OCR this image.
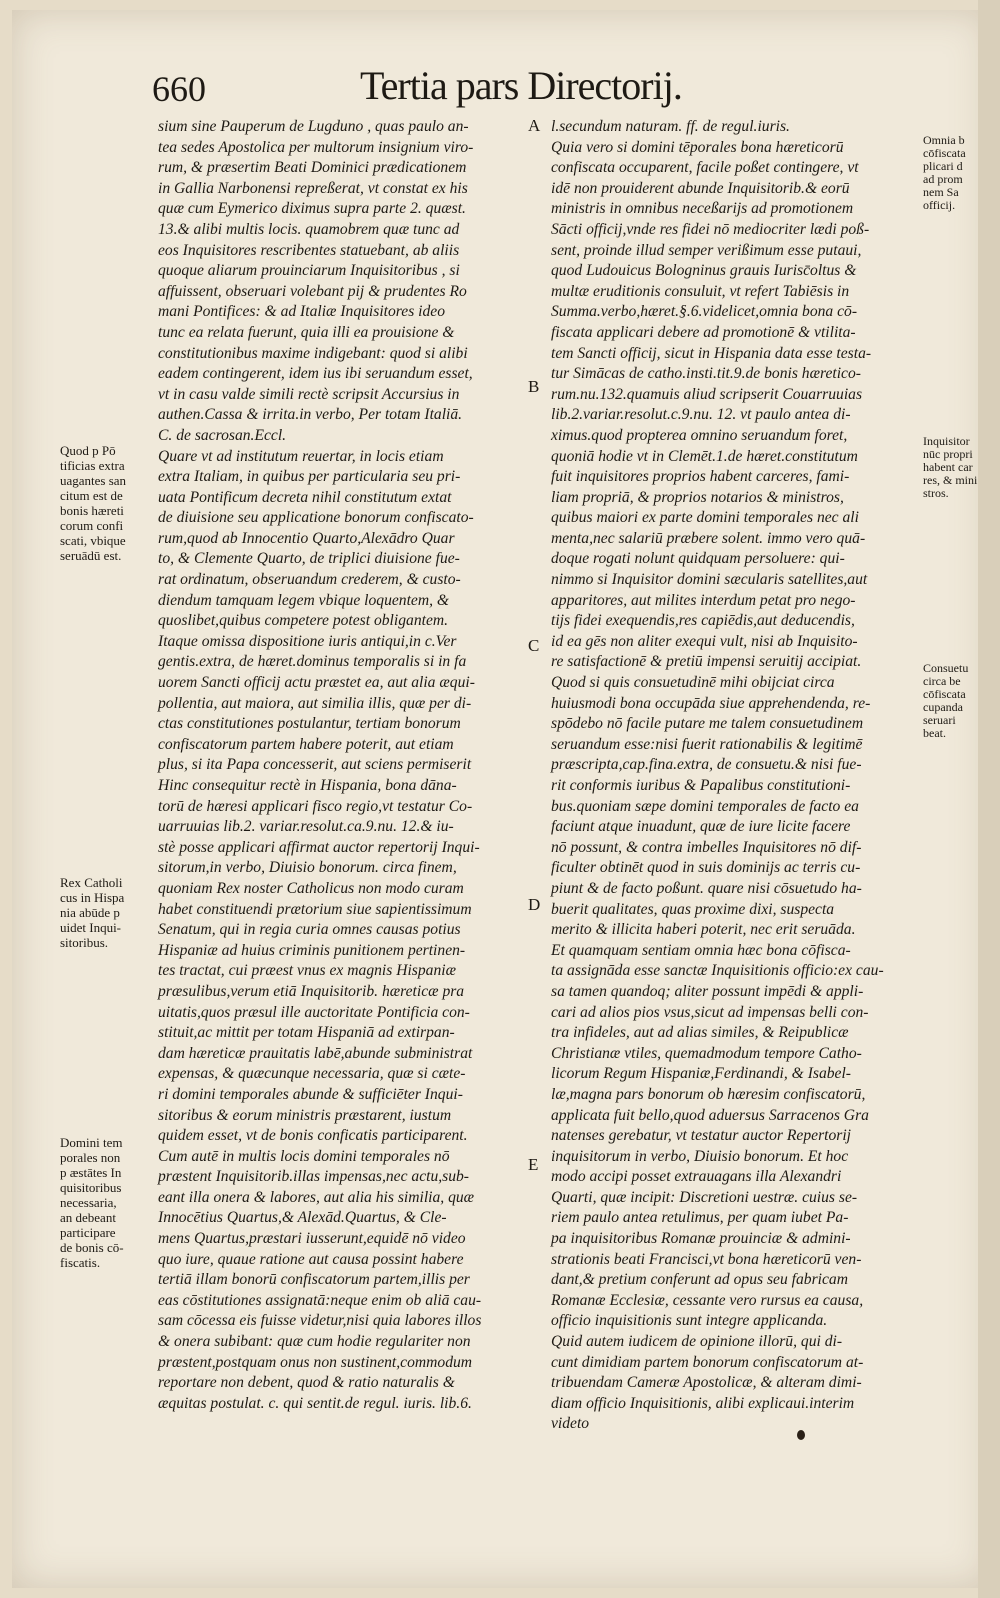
660	Tertia pars Directorij.

sium sine Pauperum de Lugduno , quas paulo an-

tea sedes Apostolica per multorum insignium viro-

rum, & præsertim Beati Dominici prædicationem

in Gallia Narbonensi repreßerat, vt constat ex his

quæ cum Eymerico diximus supra parte 2. quæst.

13.& alibi multis locis. quamobrem quæ tunc ad

eos Inquisitores rescribentes statuebant, ab aliis

quoque aliarum prouinciarum Inquisitoribus , si

affuissent, obseruari volebant pij & prudentes Ro

mani Pontifices: & ad Italiæ Inquisitores ideo

tunc ea relata fuerunt, quia illi ea prouisione &

constitutionibus maxime indigebant: quod si alibi

eadem contingerent, idem ius ibi seruandum esset,

vt in casu valde simili rectè scripsit Accursius in

authen.Cassa & irrita.in verbo, Per totam Italiā.

C. de sacrosan.Eccl.

Quare vt ad institutum reuertar, in locis etiam

extra Italiam, in quibus per particularia seu pri-

uata Pontificum decreta nihil constitutum extat

de diuisione seu applicatione bonorum confiscato-

rum,quod ab Innocentio Quarto,Alexādro Quar

to, & Clemente Quarto, de triplici diuisione fue-

rat ordinatum, obseruandum crederem, & custo-

diendum tamquam legem vbique loquentem, &

quoslibet,quibus competere potest obligantem.

Itaque omissa dispositione iuris antiqui,in c.Ver

gentis.extra, de hæret.dominus temporalis si in fa

uorem Sancti officij actu præstet ea, aut alia æqui-

pollentia, aut maiora, aut similia illis, quæ per di-

ctas constitutiones postulantur, tertiam bonorum

confiscatorum partem habere poterit, aut etiam

plus, si ita Papa concesserit, aut sciens permiserit

Hinc consequitur rectè in Hispania, bona dāna-

torū de hæresi applicari fisco regio,vt testatur Co-

uarruuias lib.2. variar.resolut.ca.9.nu. 12.& iu-

stè posse applicari affirmat auctor repertorij Inqui-

sitorum,in verbo, Diuisio bonorum. circa finem,

quoniam Rex noster Catholicus non modo curam

habet constituendi prætorium siue sapientissimum

Senatum, qui in regia curia omnes causas potius

Hispaniæ ad huius criminis punitionem pertinen-

tes tractat, cui præest vnus ex magnis Hispaniæ

præsulibus,verum etiā Inquisitorib. hæreticæ pra

uitatis,quos præsul ille auctoritate Pontificia con-

stituit,ac mittit per totam Hispaniā ad extirpan-

dam hæreticæ prauitatis labē,abunde subministrat

expensas, & quæcunque necessaria, quæ si cæte-

ri domini temporales abunde & sufficiēter Inqui-

sitoribus & eorum ministris præstarent, iustum

quidem esset, vt de bonis conficatis participarent.

Cum autē in multis locis domini temporales nō

præstent Inquisitorib.illas impensas,nec actu,sub-

eant illa onera & labores, aut alia his similia, quæ

Innocētius Quartus,& Alexād.Quartus, & Cle-

mens Quartus,præstari iusserunt,equidē nō video

quo iure, quaue ratione aut causa possint habere

tertiā illam bonorū confiscatorum partem,illis per

eas cōstitutiones assignatā:neque enim ob aliā cau-

sam cōcessa eis fuisse videtur,nisi quia labores illos

& onera subibant: quæ cum hodie regulariter non

præstent,postquam onus non sustinent,commodum

reportare non debent, quod & ratio naturalis &

æquitas postulat. c. qui sentit.de regul. iuris. lib.6.

l.secundum naturam. ff. de regul.iuris.

Quia vero si domini tēporales bona hæreticorū

confiscata occuparent, facile poßet contingere, vt

idē non prouiderent abunde Inquisitorib.& eorū

ministris in omnibus neceßarijs ad promotionem

Sācti officij,vnde res fidei nō mediocriter lædi poß-

sent, proinde illud semper verißimum esse putaui,

quod Ludouicus Bologninus grauis Iurisc̄oltus &

multæ eruditionis consuluit, vt refert Tabiēsis in

Summa.verbo,hæret.§.6.videlicet,omnia bona cō-

fiscata applicari debere ad promotionē & vtilita-

tem Sancti officij, sicut in Hispania data esse testa-

tur Simācas de catho.insti.tit.9.de bonis hæretico-

rum.nu.132.quamuis aliud scripserit Couarruuias

lib.2.variar.resolut.c.9.nu. 12. vt paulo antea di-

ximus.quod propterea omnino seruandum foret,

quoniā hodie vt in Clemēt.1.de hæret.constitutum

fuit inquisitores proprios habent carceres, fami-

liam propriā, & proprios notarios & ministros,

quibus maiori ex parte domini temporales nec ali

menta,nec salariū præbere solent. immo vero quā-

doque rogati nolunt quidquam persoluere: qui-

nimmo si Inquisitor domini sæcularis satellites,aut

apparitores, aut milites interdum petat pro nego-

tijs fidei exequendis,res capiēdis,aut deducendis,

id ea gēs non aliter exequi vult, nisi ab Inquisito-

re satisfactionē & pretiū impensi seruitij accipiat.

Quod si quis consuetudinē mihi obijciat circa

huiusmodi bona occupāda siue apprehendenda, re-

spōdebo nō facile putare me talem consuetudinem

seruandum esse:nisi fuerit rationabilis & legitimē

præscripta,cap.fina.extra, de consuetu.& nisi fue-

rit conformis iuribus & Papalibus constitutioni-

bus.quoniam sæpe domini temporales de facto ea

faciunt atque inuadunt, quæ de iure licite facere

nō possunt, & contra imbelles Inquisitores nō dif-

ficulter obtinēt quod in suis dominijs ac terris cu-

piunt & de facto poßunt. quare nisi cōsuetudo ha-

buerit qualitates, quas proxime dixi, suspecta

merito & illicita haberi poterit, nec erit seruāda.

Et quamquam sentiam omnia hæc bona cōfisca-

ta assignāda esse sanctæ Inquisitionis officio:ex cau-

sa tamen quandoq; aliter possunt impēdi & appli-

cari ad alios pios vsus,sicut ad impensas belli con-

tra infideles, aut ad alias similes, & Reipublicæ

Christianæ vtiles, quemadmodum tempore Catho-

licorum Regum Hispaniæ,Ferdinandi, & Isabel-

læ,magna pars bonorum ob hæresim confiscatorū,

applicata fuit bello,quod aduersus Sarracenos Gra

natenses gerebatur, vt testatur auctor Repertorij

inquisitorum in verbo, Diuisio bonorum. Et hoc

modo accipi posset extrauagans illa Alexandri

Quarti, quæ incipit: Discretioni uestræ. cuius se-

riem paulo antea retulimus, per quam iubet Pa-

pa inquisitoribus Romanæ prouinciæ & admini-

strationis beati Francisci,vt bona hæreticorū ven-

dant,& pretium conferunt ad opus seu fabricam

Romanæ Ecclesiæ, cessante vero rursus ea causa,

officio inquisitionis sunt integre applicanda.

Quid autem iudicem de opinione illorū, qui di-

cunt dimidiam partem bonorum confiscatorum at-

tribuendam Cameræ Apostolicæ, & alteram dimi-

diam officio Inquisitionis, alibi explicaui.interim

videto

A
B
C
D
E

Quod p Pō

tificias extra

uagantes san

citum est de

bonis hæreti

corum confi

scati, vbique

seruādū est.

Rex Catholi

cus in Hispa

nia abūde p

uidet Inqui-

sitoribus.

Domini tem

porales non

p æstātes In

quisitoribus

necessaria,

an debeant

participare

de bonis cō-

fiscatis.

Omnia b

cōfiscata

plicari d

ad prom

nem Sa

officij.

Inquisitor

nūc propri

habent car

res, & mini

stros.

Consuetu

circa be

cōfiscata

cupanda

seruari

beat.
